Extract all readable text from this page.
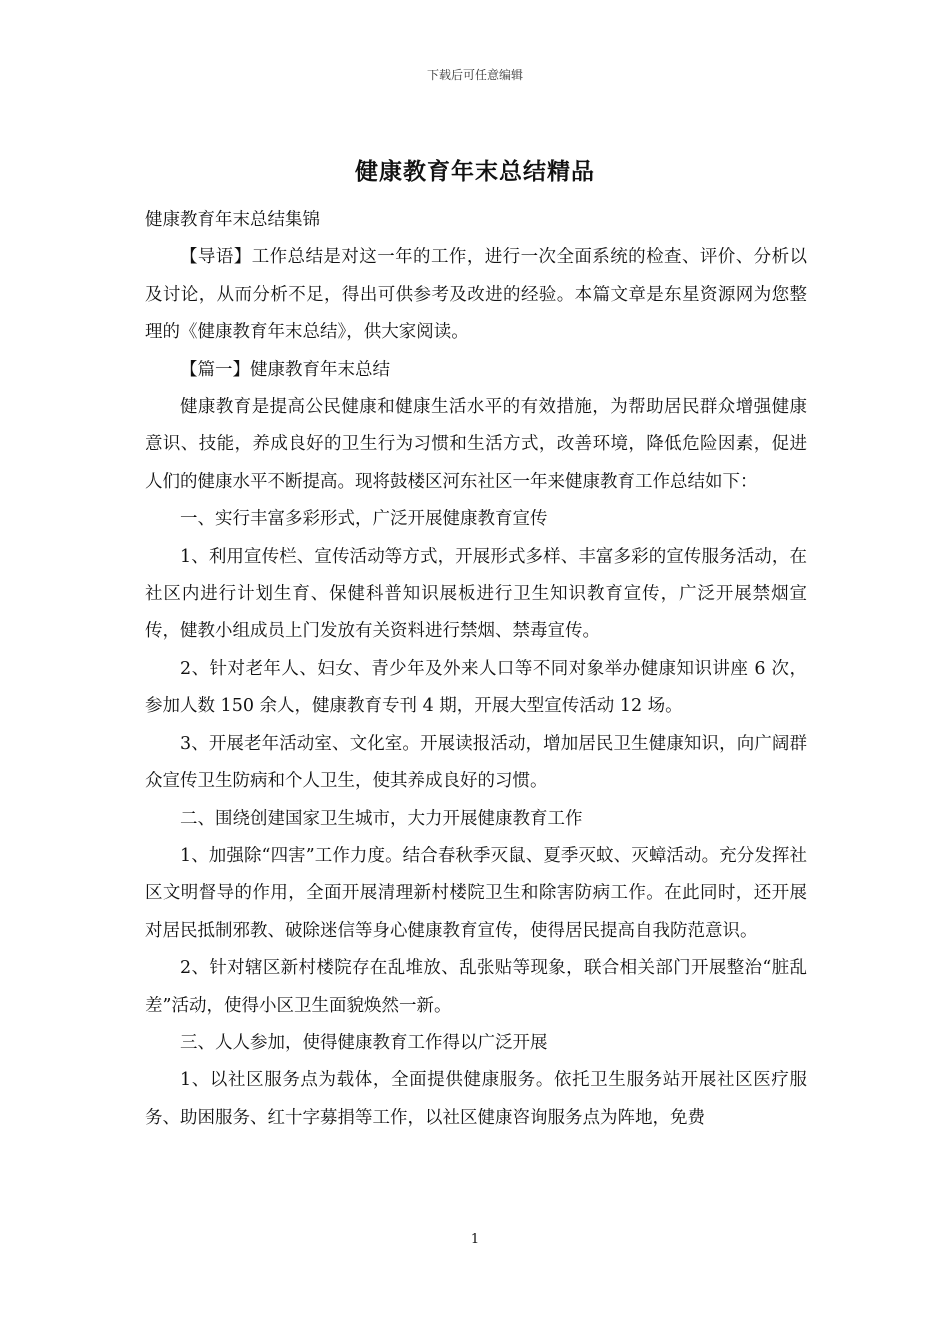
下载后可任意编辑
健康教育年末总结精品

健康教育年末总结集锦

【导语】工作总结是对这一年的工作，进行一次全面系统的检查、评价、分析以及讨论，从而分析不足，得出可供参考及改进的经验。本篇文章是东星资源网为您整理的《健康教育年末总结》，供大家阅读。

【篇一】健康教育年末总结

健康教育是提高公民健康和健康生活水平的有效措施，为帮助居民群众增强健康意识、技能，养成良好的卫生行为习惯和生活方式，改善环境，降低危险因素，促进人们的健康水平不断提高。现将鼓楼区河东社区一年来健康教育工作总结如下：

一、实行丰富多彩形式，广泛开展健康教育宣传

1、利用宣传栏、宣传活动等方式，开展形式多样、丰富多彩的宣传服务活动，在社区内进行计划生育、保健科普知识展板进行卫生知识教育宣传，广泛开展禁烟宣传，健教小组成员上门发放有关资料进行禁烟、禁毒宣传。

2、针对老年人、妇女、青少年及外来人口等不同对象举办健康知识讲座 6 次，参加人数 150 余人，健康教育专刊 4 期，开展大型宣传活动 12 场。

3、开展老年活动室、文化室。开展读报活动，增加居民卫生健康知识，向广阔群众宣传卫生防病和个人卫生，使其养成良好的习惯。

二、围绕创建国家卫生城市，大力开展健康教育工作

1、加强除“四害”工作力度。结合春秋季灭鼠、夏季灭蚊、灭蟑活动。充分发挥社区文明督导的作用，全面开展清理新村楼院卫生和除害防病工作。在此同时，还开展对居民抵制邪教、破除迷信等身心健康教育宣传，使得居民提高自我防范意识。

2、针对辖区新村楼院存在乱堆放、乱张贴等现象，联合相关部门开展整治“脏乱差”活动，使得小区卫生面貌焕然一新。

三、人人参加，使得健康教育工作得以广泛开展

1、以社区服务点为载体，全面提供健康服务。依托卫生服务站开展社区医疗服务、助困服务、红十字募捐等工作，以社区健康咨询服务点为阵地，免费

1
